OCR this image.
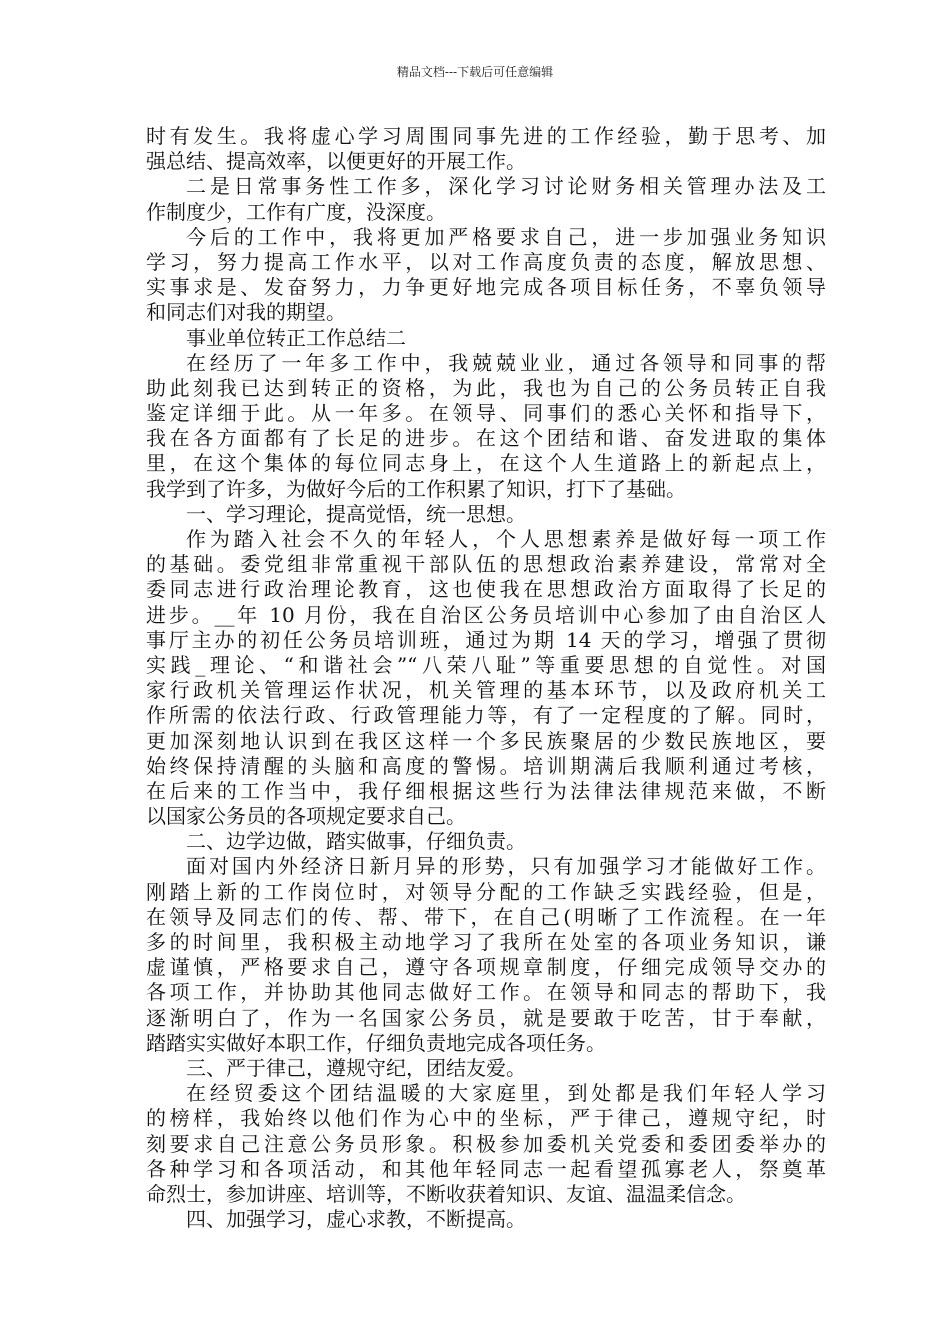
精品文档---下载后可任意编辑
时有发生。我将虚心学习周围同事先进的工作经验，勤于思考、加
强总结、提高效率，以便更好的开展工作。
二是日常事务性工作多，深化学习讨论财务相关管理办法及工
作制度少，工作有广度，没深度。
今后的工作中，我将更加严格要求自己，进一步加强业务知识
学习，努力提高工作水平，以对工作高度负责的态度，解放思想、
实事求是、发奋努力，力争更好地完成各项目标任务，不辜负领导
和同志们对我的期望。
事业单位转正工作总结二
在经历了一年多工作中，我兢兢业业，通过各领导和同事的帮
助此刻我已达到转正的资格，为此，我也为自己的公务员转正自我
鉴定详细于此。从一年多。在领导、同事们的悉心关怀和指导下，
我在各方面都有了长足的进步。在这个团结和谐、奋发进取的集体
里，在这个集体的每位同志身上，在这个人生道路上的新起点上，
我学到了许多，为做好今后的工作积累了知识，打下了基础。
一、学习理论，提高觉悟，统一思想。
作为踏入社会不久的年轻人，个人思想素养是做好每一项工作
的基础。委党组非常重视干部队伍的思想政治素养建设，常常对全
委同志进行政治理论教育，这也使我在思想政治方面取得了长足的
进步。__年 10 月份，我在自治区公务员培训中心参加了由自治区人
事厅主办的初任公务员培训班，通过为期 14 天的学习，增强了贯彻
实践_理论、“和谐社会”“八荣八耻”等重要思想的自觉性。对国
家行政机关管理运作状况，机关管理的基本环节，以及政府机关工
作所需的依法行政、行政管理能力等，有了一定程度的了解。同时，
更加深刻地认识到在我区这样一个多民族聚居的少数民族地区，要
始终保持清醒的头脑和高度的警惕。培训期满后我顺利通过考核，
在后来的工作当中，我仔细根据这些行为法律法律规范来做，不断
以国家公务员的各项规定要求自己。
二、边学边做，踏实做事，仔细负责。
面对国内外经济日新月异的形势，只有加强学习才能做好工作。
刚踏上新的工作岗位时，对领导分配的工作缺乏实践经验，但是，
在领导及同志们的传、帮、带下，在自己(明晰了工作流程。在一年
多的时间里，我积极主动地学习了我所在处室的各项业务知识，谦
虚谨慎，严格要求自己，遵守各项规章制度，仔细完成领导交办的
各项工作，并协助其他同志做好工作。在领导和同志的帮助下，我
逐渐明白了，作为一名国家公务员，就是要敢于吃苦，甘于奉献，
踏踏实实做好本职工作，仔细负责地完成各项任务。
三、严于律己，遵规守纪，团结友爱。
在经贸委这个团结温暖的大家庭里，到处都是我们年轻人学习
的榜样，我始终以他们作为心中的坐标，严于律己，遵规守纪，时
刻要求自己注意公务员形象。积极参加委机关党委和委团委举办的
各种学习和各项活动，和其他年轻同志一起看望孤寡老人，祭奠革
命烈士，参加讲座、培训等，不断收获着知识、友谊、温温柔信念。
四、加强学习，虚心求教，不断提高。
